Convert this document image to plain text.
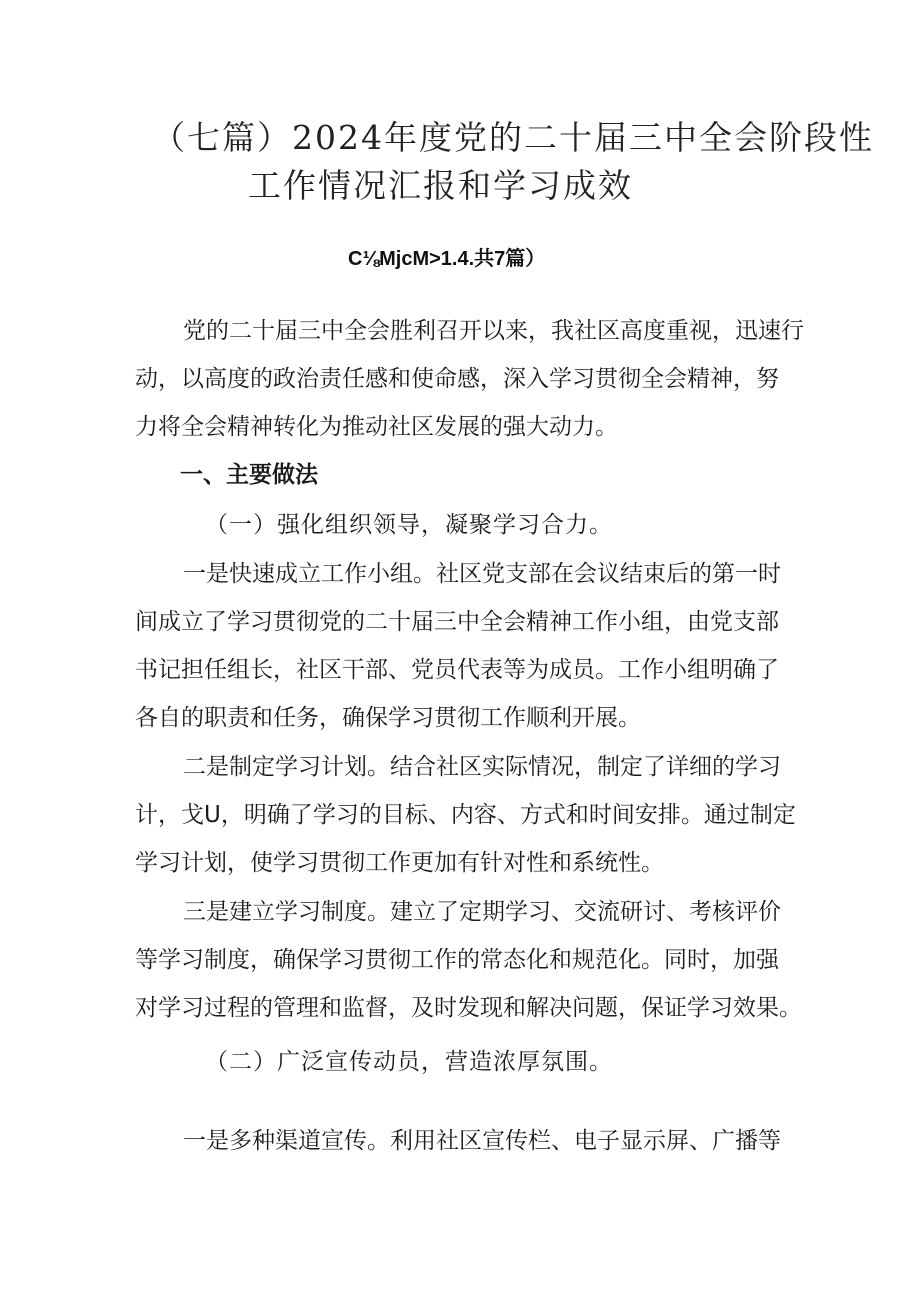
（七篇）2024年度党的二十届三中全会阶段性
工作情况汇报和学习成效
C⅛MjcM>1.4.共7篇）
党的二十届三中全会胜利召开以来，我社区高度重视，迅速行
动，以高度的政治责任感和使命感，深入学习贯彻全会精神，努
力将全会精神转化为推动社区发展的强大动力。
一、主要做法
（一）强化组织领导，凝聚学习合力。
一是快速成立工作小组。社区党支部在会议结束后的第一时
间成立了学习贯彻党的二十届三中全会精神工作小组，由党支部
书记担任组长，社区干部、党员代表等为成员。工作小组明确了
各自的职责和任务，确保学习贯彻工作顺利开展。
二是制定学习计划。结合社区实际情况，制定了详细的学习
计，戈U，明确了学习的目标、内容、方式和时间安排。通过制定
学习计划，使学习贯彻工作更加有针对性和系统性。
三是建立学习制度。建立了定期学习、交流研讨、考核评价
等学习制度，确保学习贯彻工作的常态化和规范化。同时，加强
对学习过程的管理和监督，及时发现和解决问题，保证学习效果。
（二）广泛宣传动员，营造浓厚氛围。
一是多种渠道宣传。利用社区宣传栏、电子显示屏、广播等
